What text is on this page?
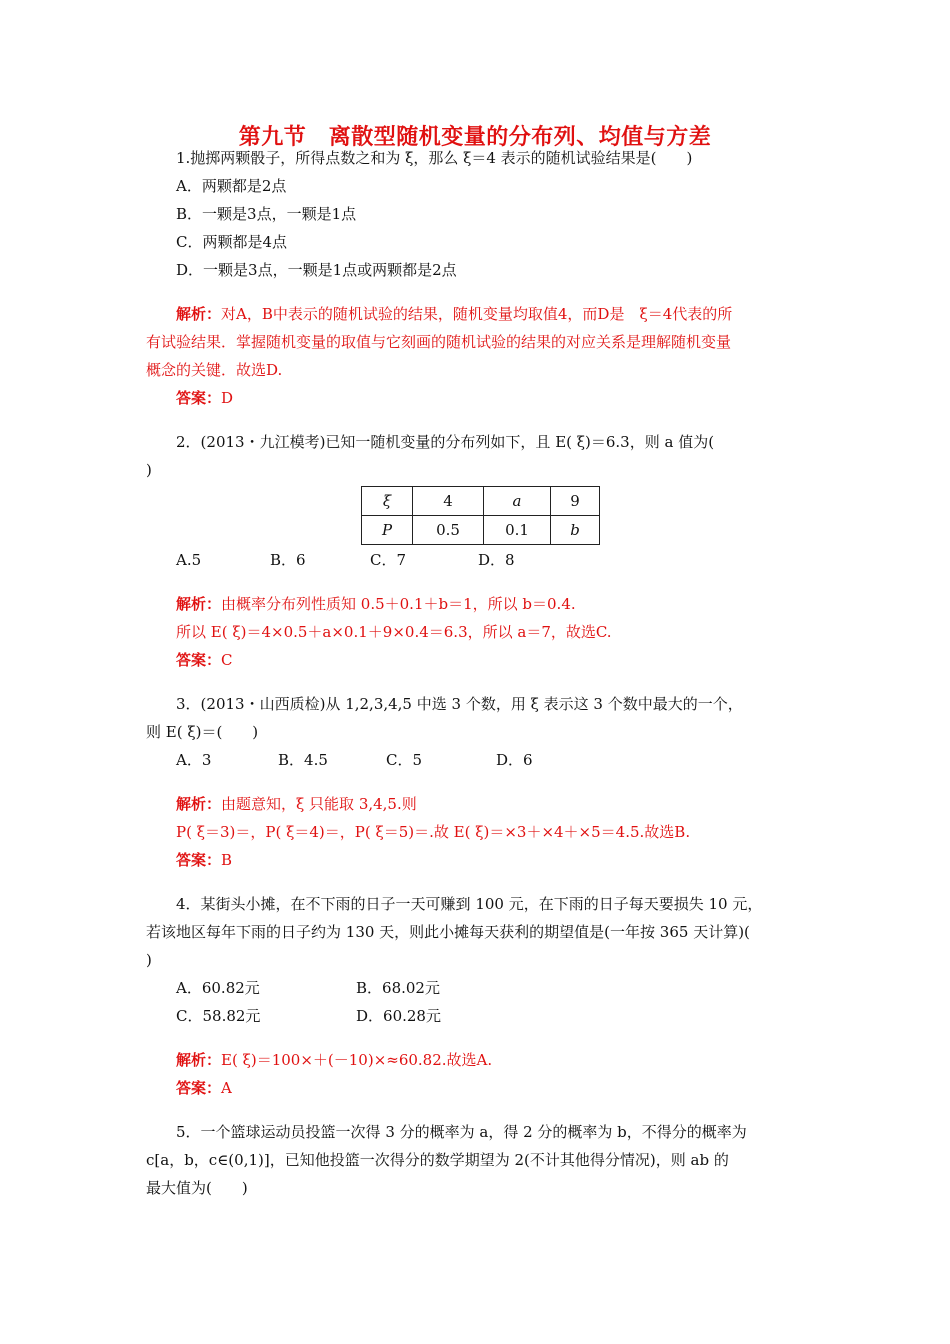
第九节　离散型随机变量的分布列、均值与方差
1.抛掷两颗骰子，所得点数之和为 ξ，那么 ξ＝4 表示的随机试验结果是(　　)
A．两颗都是2点
B．一颗是3点，一颗是1点
C．两颗都是4点
D．一颗是3点，一颗是1点或两颗都是2点
解析：对A，B中表示的随机试验的结果，随机变量均取值4，而D是　ξ＝4代表的所
有试验结果．掌握随机变量的取值与它刻画的随机试验的结果的对应关系是理解随机变量
概念的关键．故选D.
答案：D
2．(2013・九江模考)已知一随机变量的分布列如下，且 E( ξ)＝6.3，则 a 值为(
)
ξ	4	a	9
P	0.5	0.1	b
A.5	B．6	C．7	D．8
解析：由概率分布列性质知 0.5＋0.1＋b＝1，所以 b＝0.4.
所以 E( ξ)＝4×0.5＋a×0.1＋9×0.4＝6.3，所以 a＝7，故选C.
答案：C
3．(2013・山西质检)从 1,2,3,4,5 中选 3 个数，用 ξ 表示这 3 个数中最大的一个，
则 E( ξ)＝(　　)
A．3	B．4.5	C．5	D．6
解析：由题意知，ξ 只能取 3,4,5.则
P( ξ＝3)＝，P( ξ＝4)＝，P( ξ＝5)＝.故 E( ξ)＝×3＋×4＋×5＝4.5.故选B.
答案：B
4．某街头小摊，在不下雨的日子一天可赚到 100 元，在下雨的日子每天要损失 10 元，
若该地区每年下雨的日子约为 130 天，则此小摊每天获利的期望值是(一年按 365 天计算)(
)
A．60.82元	B．68.02元
C．58.82元	D．60.28元
解析：E( ξ)＝100×＋(－10)×≈60.82.故选A.
答案：A
5．一个篮球运动员投篮一次得 3 分的概率为 a，得 2 分的概率为 b，不得分的概率为
c[a，b，c∈(0,1)]，已知他投篮一次得分的数学期望为 2(不计其他得分情况)，则 ab 的
最大值为(　　)
